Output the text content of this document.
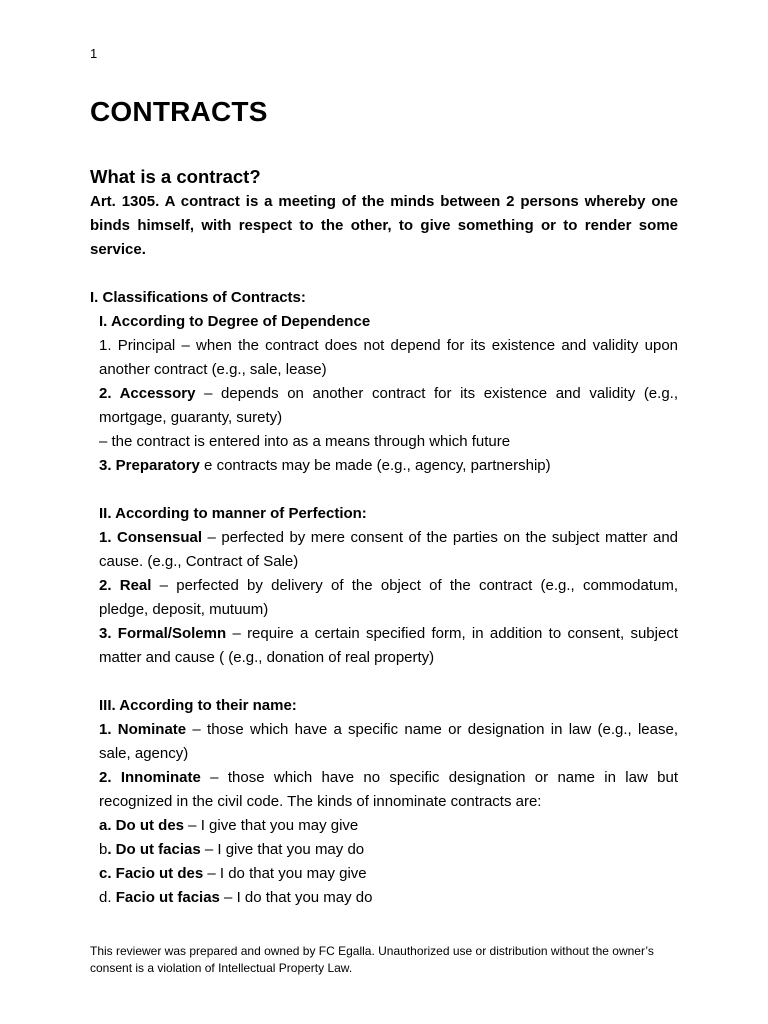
1
CONTRACTS
What is a contract?
Art. 1305. A contract is a meeting of the minds between 2 persons whereby one binds himself, with respect to the other, to give something or to render some service.
I. Classifications of Contracts:
I. According to Degree of Dependence
1. Principal – when the contract does not depend for its existence and validity upon another contract (e.g., sale, lease)
2. Accessory – depends on another contract for its existence and validity (e.g., mortgage, guaranty, surety)
– the contract is entered into as a means through which future
3. Preparatory e contracts may be made (e.g., agency, partnership)
II. According to manner of Perfection:
1. Consensual – perfected by mere consent of the parties on the subject matter and cause. (e.g., Contract of Sale)
2. Real – perfected by delivery of the object of the contract (e.g., commodatum, pledge, deposit, mutuum)
3. Formal/Solemn – require a certain specified form, in addition to consent, subject matter and cause ( (e.g., donation of real property)
III. According to their name:
1. Nominate – those which have a specific name or designation in law (e.g., lease, sale, agency)
2. Innominate – those which have no specific designation or name in law but recognized in the civil code. The kinds of innominate contracts are:
a. Do ut des – I give that you may give
b. Do ut facias – I give that you may do
c. Facio ut des – I do that you may give
d. Facio ut facias – I do that you may do
This reviewer was prepared and owned by FC Egalla. Unauthorized use or distribution without the owner’s consent is a violation of Intellectual Property Law.
